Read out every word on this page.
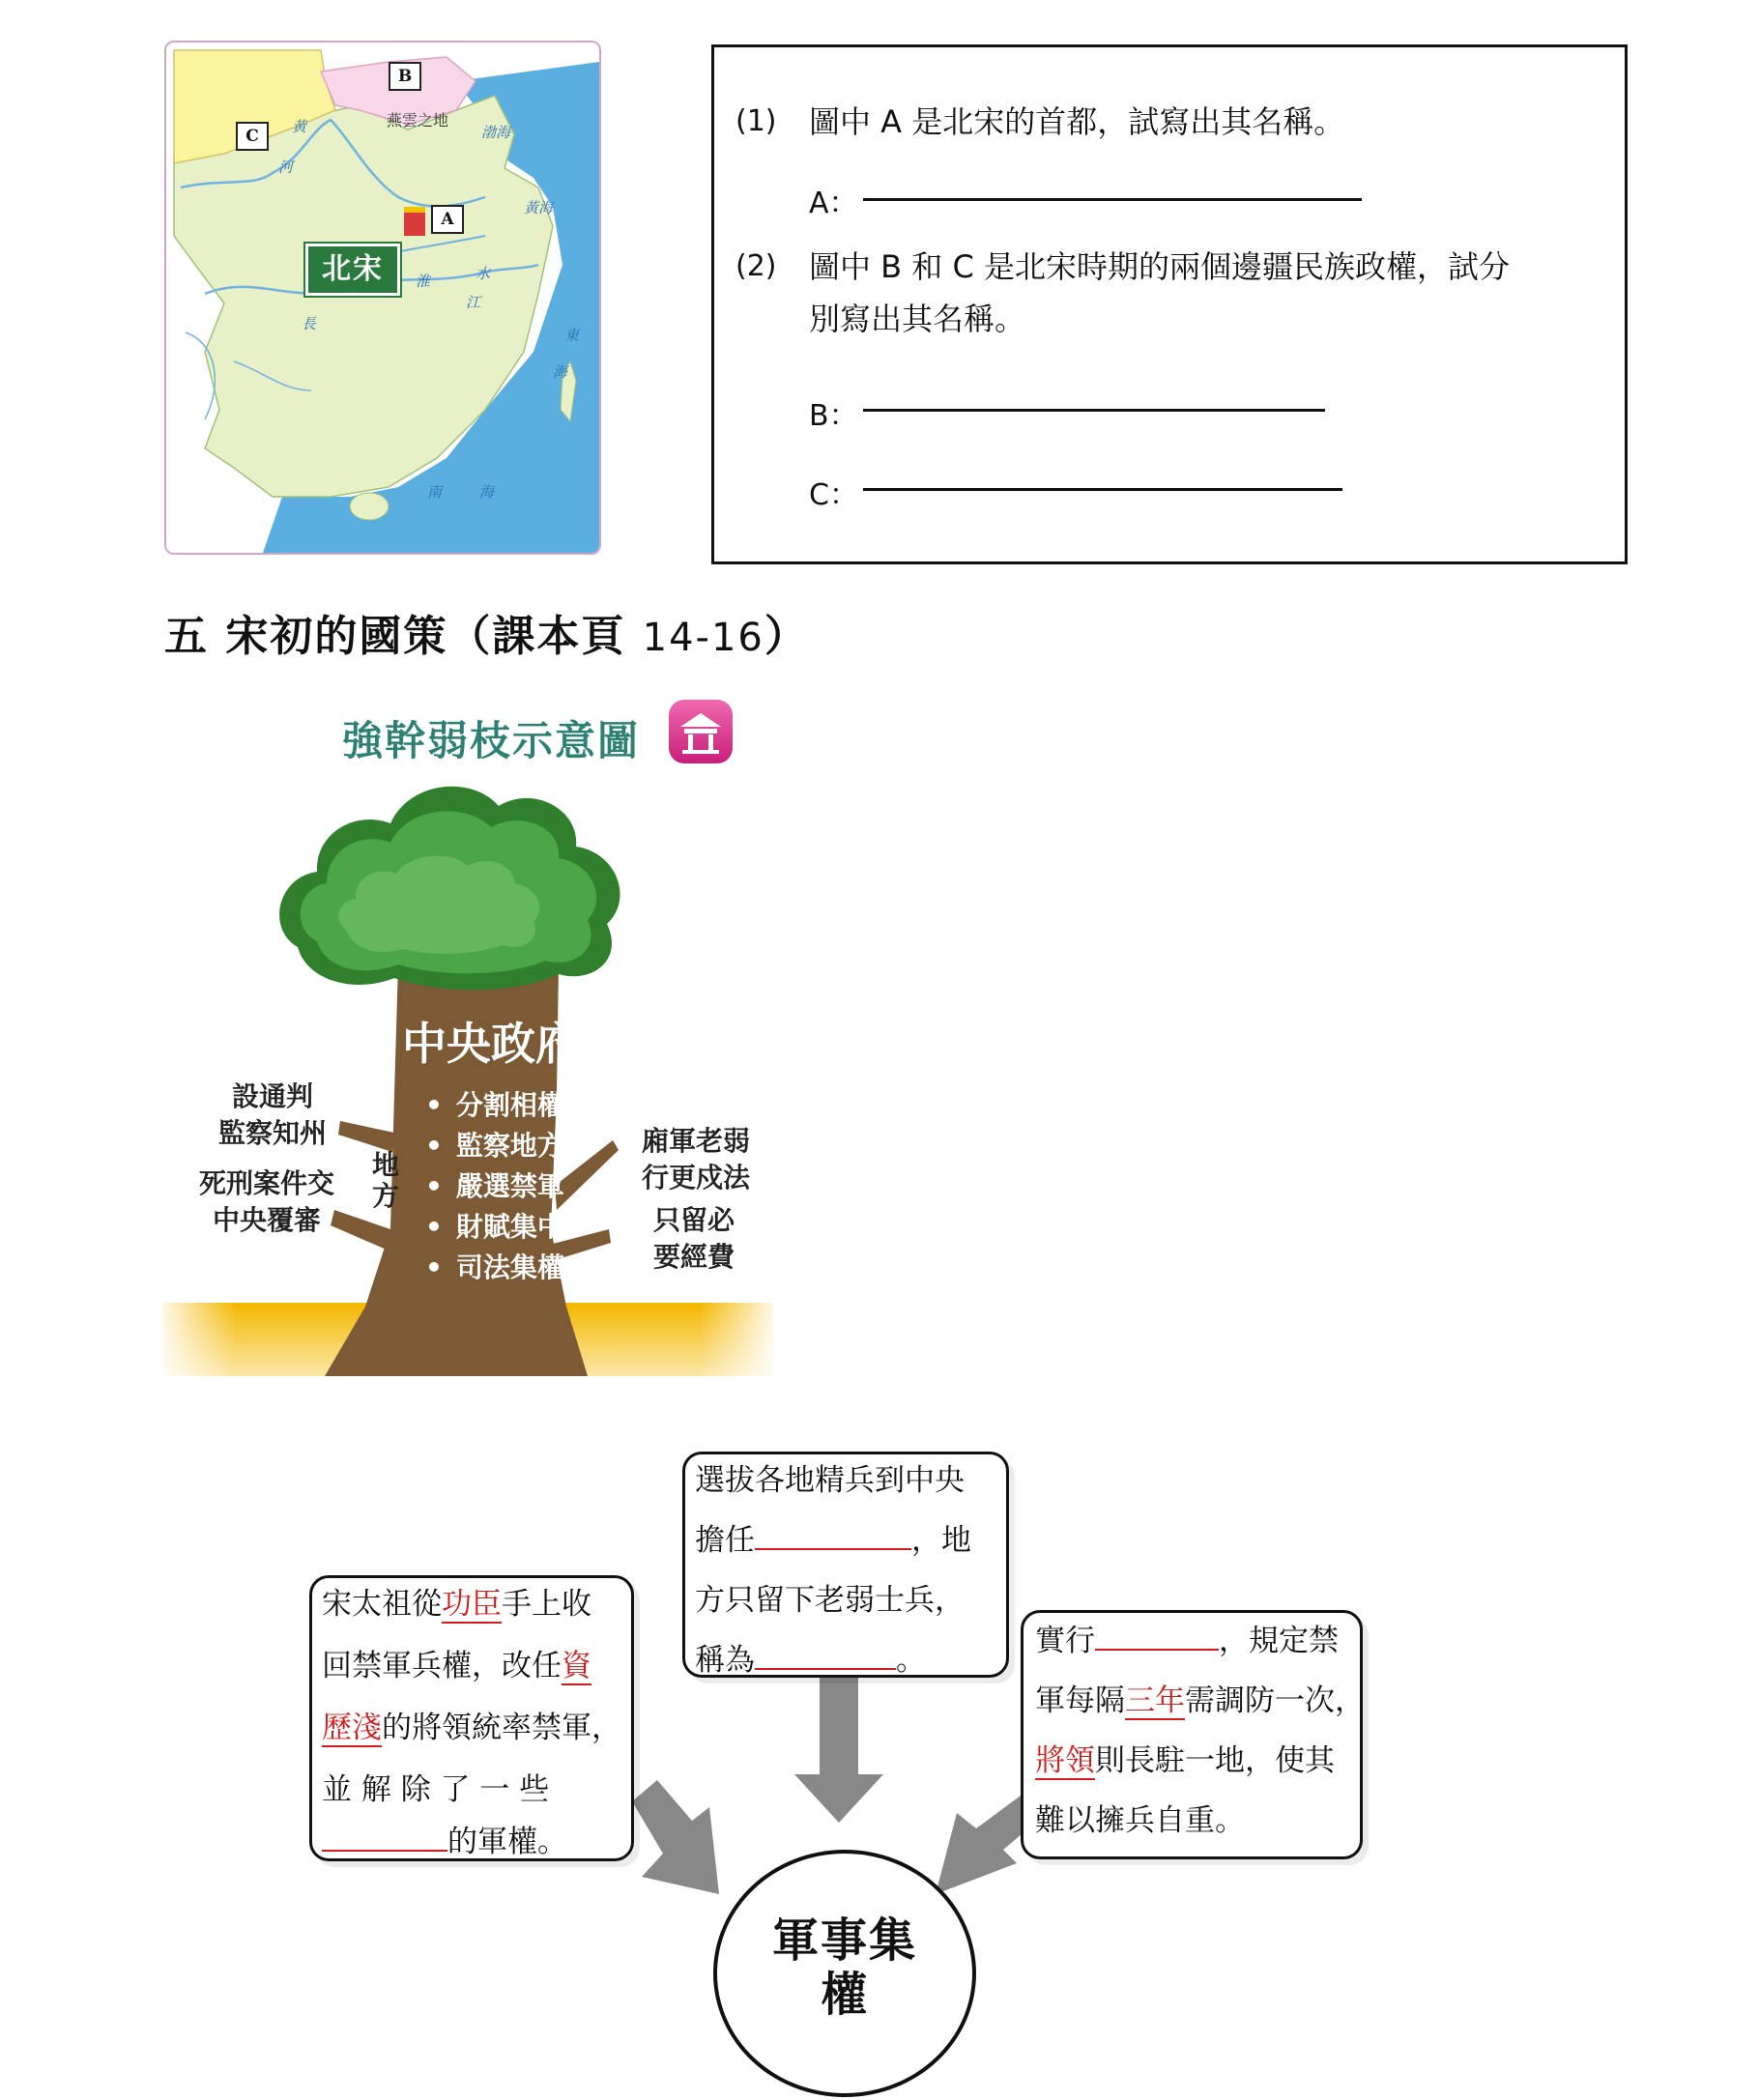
B
C
A
燕雲之地
北宋
渤海
黃海
黃
河
淮	水
長
江
東
海
南	海
(1) 圖中 A 是北宋的首都，試寫出其名稱。
A：
(2) 圖中 B 和 C 是北宋時期的兩個邊疆民族政權，試分
別寫出其名稱。
B：
C：
五 宋初的國策（課本頁 14-16）
強幹弱枝示意圖
中央政府
• 分割相權
• 監察地方
• 嚴選禁軍
• 財賦集中
• 司法集權
地方
設通判
監察知州
死刑案件交
中央覆審
廂軍老弱
行更戍法
只留必
要經費
選拔各地精兵到中央
擔任	，地
方只留下老弱士兵，
稱為	。
宋太祖從功臣手上收
回禁軍兵權，改任資
歷淺的將領統率禁軍，
並 解 除 了 一 些
的軍權。
實行	，規定禁
軍每隔三年需調防一次，
將領則長駐一地，使其
難以擁兵自重。
軍事集
權
